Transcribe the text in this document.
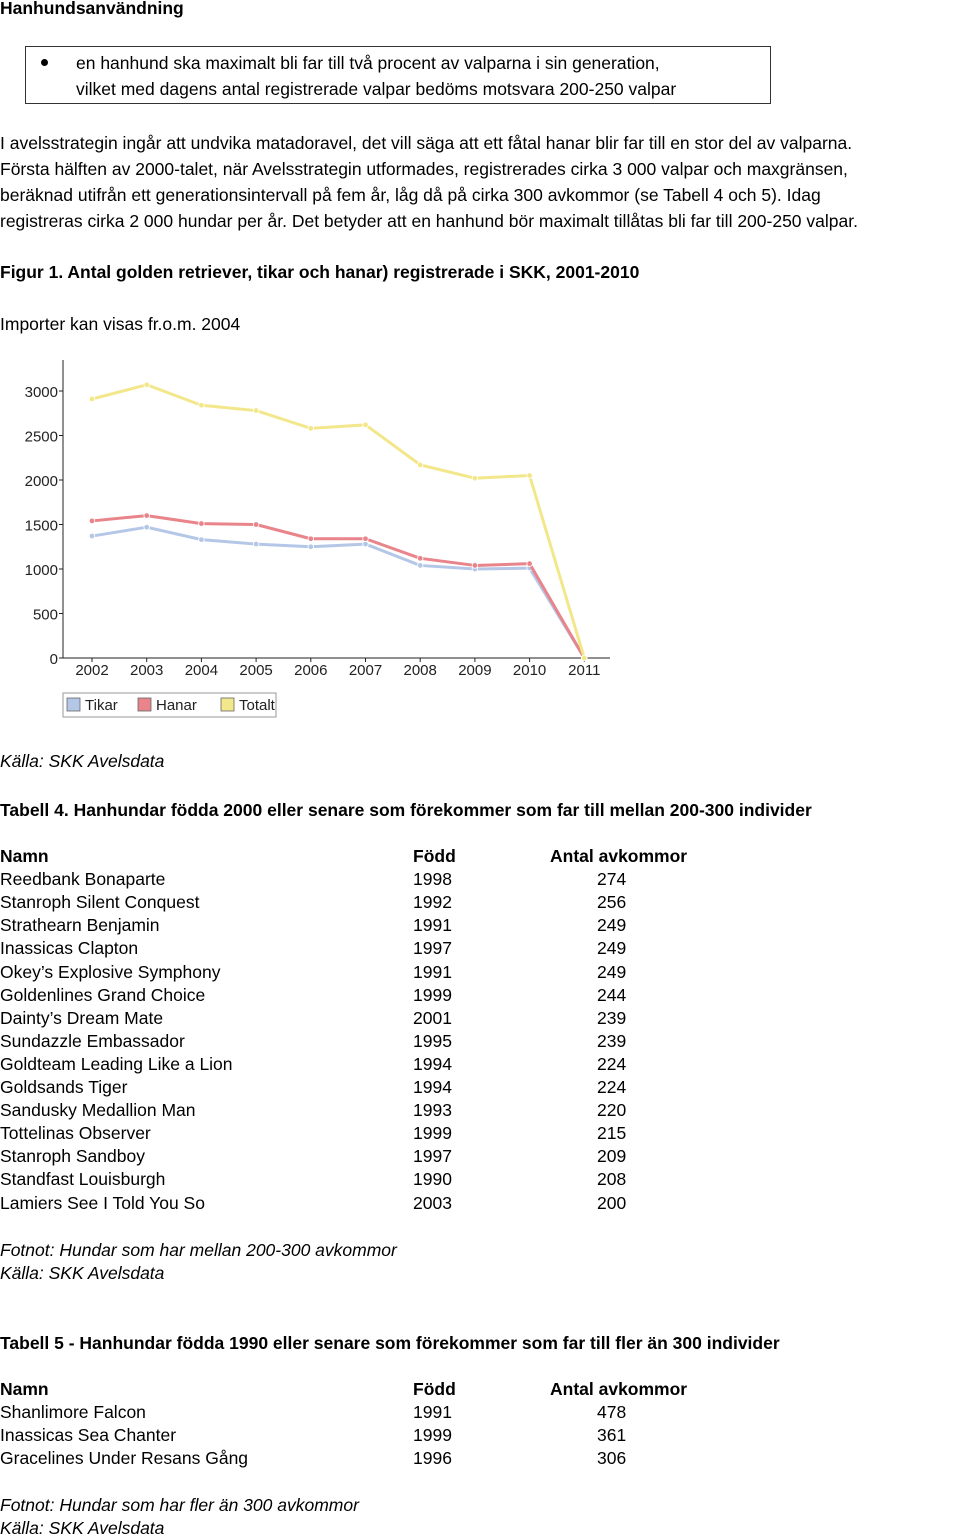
Hanhundsanvändning
en hanhund ska maximalt bli far till två procent av valparna i sin generation,
vilket med dagens antal registrerade valpar bedöms motsvara 200-250 valpar
I avelsstrategin ingår att undvika matadoravel, det vill säga att ett fåtal hanar blir far till en stor del av valparna.
Första hälften av 2000-talet, när Avelsstrategin utformades, registrerades cirka 3 000 valpar och maxgränsen,
beräknad utifrån ett generationsintervall på fem år, låg då på cirka 300 avkommor (se Tabell 4 och 5). Idag
registreras cirka 2 000 hundar per år. Det betyder att en hanhund bör maximalt tillåtas bli far till 200-250 valpar.
Figur 1. Antal golden retriever, tikar och hanar) registrerade i SKK, 2001-2010
Importer kan visas fr.o.m. 2004
0
500
1000
1500
2000
2500
3000
2002 2003 2004 2005 2006 2007 2008 2009 2010 2011
Tikar	Hanar	Totalt
Källa: SKK Avelsdata
Tabell 4. Hanhundar födda 2000 eller senare som förekommer som far till mellan 200-300 individer
Namn	Född	Antal avkommor
Reedbank Bonaparte	1998	274
Stanroph Silent Conquest	1992	256
Strathearn Benjamin	1991	249
Inassicas Clapton	1997	249
Okey’s Explosive Symphony	1991	249
Goldenlines Grand Choice	1999	244
Dainty’s Dream Mate	2001	239
Sundazzle Embassador	1995	239
Goldteam Leading Like a Lion	1994	224
Goldsands Tiger	1994	224
Sandusky Medallion Man	1993	220
Tottelinas Observer	1999	215
Stanroph Sandboy	1997	209
Standfast Louisburgh	1990	208
Lamiers See I Told You So	2003	200
Fotnot: Hundar som har mellan 200-300 avkommor
Källa: SKK Avelsdata
Tabell 5 - Hanhundar födda 1990 eller senare som förekommer som far till fler än 300 individer
Namn	Född	Antal avkommor
Shanlimore Falcon	1991	478
Inassicas Sea Chanter	1999	361
Gracelines Under Resans Gång	1996	306
Fotnot: Hundar som har fler än 300 avkommor
Källa: SKK Avelsdata
